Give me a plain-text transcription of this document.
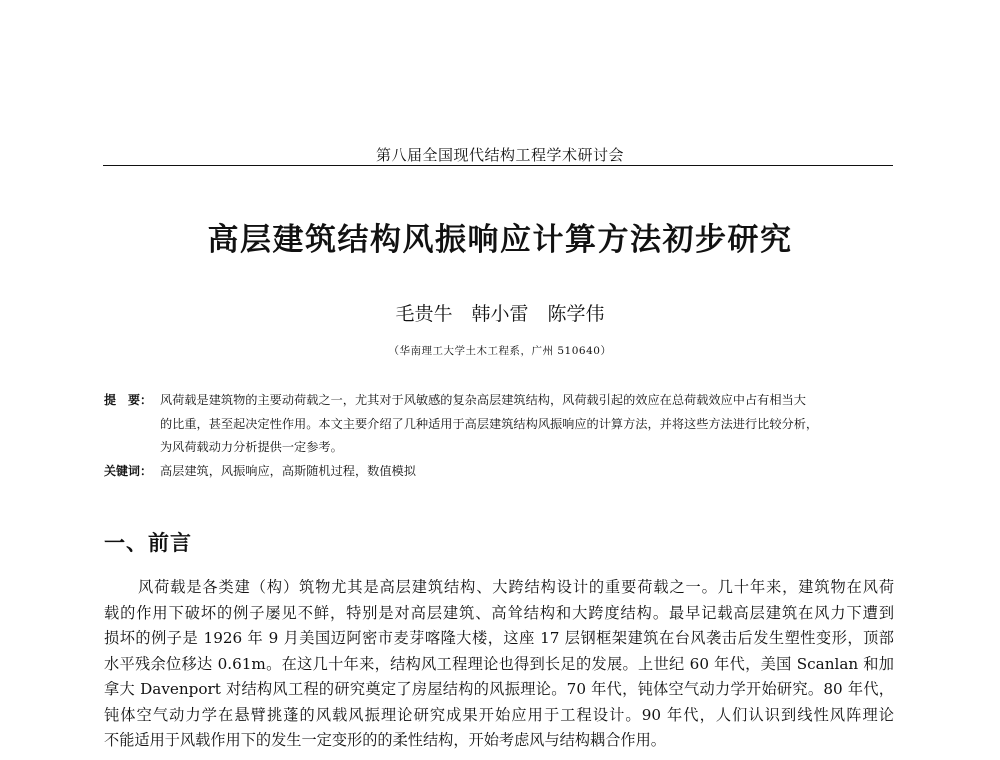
第八届全国现代结构工程学术研讨会
高层建筑结构风振响应计算方法初步研究
毛贵牛　韩小雷　陈学伟
（华南理工大学土木工程系，广州 510640）
提　要： 风荷载是建筑物的主要动荷载之一，尤其对于风敏感的复杂高层建筑结构，风荷载引起的效应在总荷载效应中占有相当大
的比重，甚至起决定性作用。本文主要介绍了几种适用于高层建筑结构风振响应的计算方法，并将这些方法进行比较分析，
为风荷载动力分析提供一定参考。
关键词： 高层建筑，风振响应，高斯随机过程，数值模拟
一、前言
风荷载是各类建（构）筑物尤其是高层建筑结构、大跨结构设计的重要荷载之一。几十年来，建筑物在风荷
载的作用下破坏的例子屡见不鲜，特别是对高层建筑、高耸结构和大跨度结构。最早记载高层建筑在风力下遭到
损坏的例子是 1926 年 9 月美国迈阿密市麦芽喀隆大楼，这座 17 层钢框架建筑在台风袭击后发生塑性变形，顶部
水平残余位移达 0.61m。在这几十年来，结构风工程理论也得到长足的发展。上世纪 60 年代，美国 Scanlan 和加
拿大 Davenport 对结构风工程的研究奠定了房屋结构的风振理论。70 年代，钝体空气动力学开始研究。80 年代，
钝体空气动力学在悬臂挑蓬的风载风振理论研究成果开始应用于工程设计。90 年代，人们认识到线性风阵理论
不能适用于风载作用下的发生一定变形的的柔性结构，开始考虑风与结构耦合作用。
